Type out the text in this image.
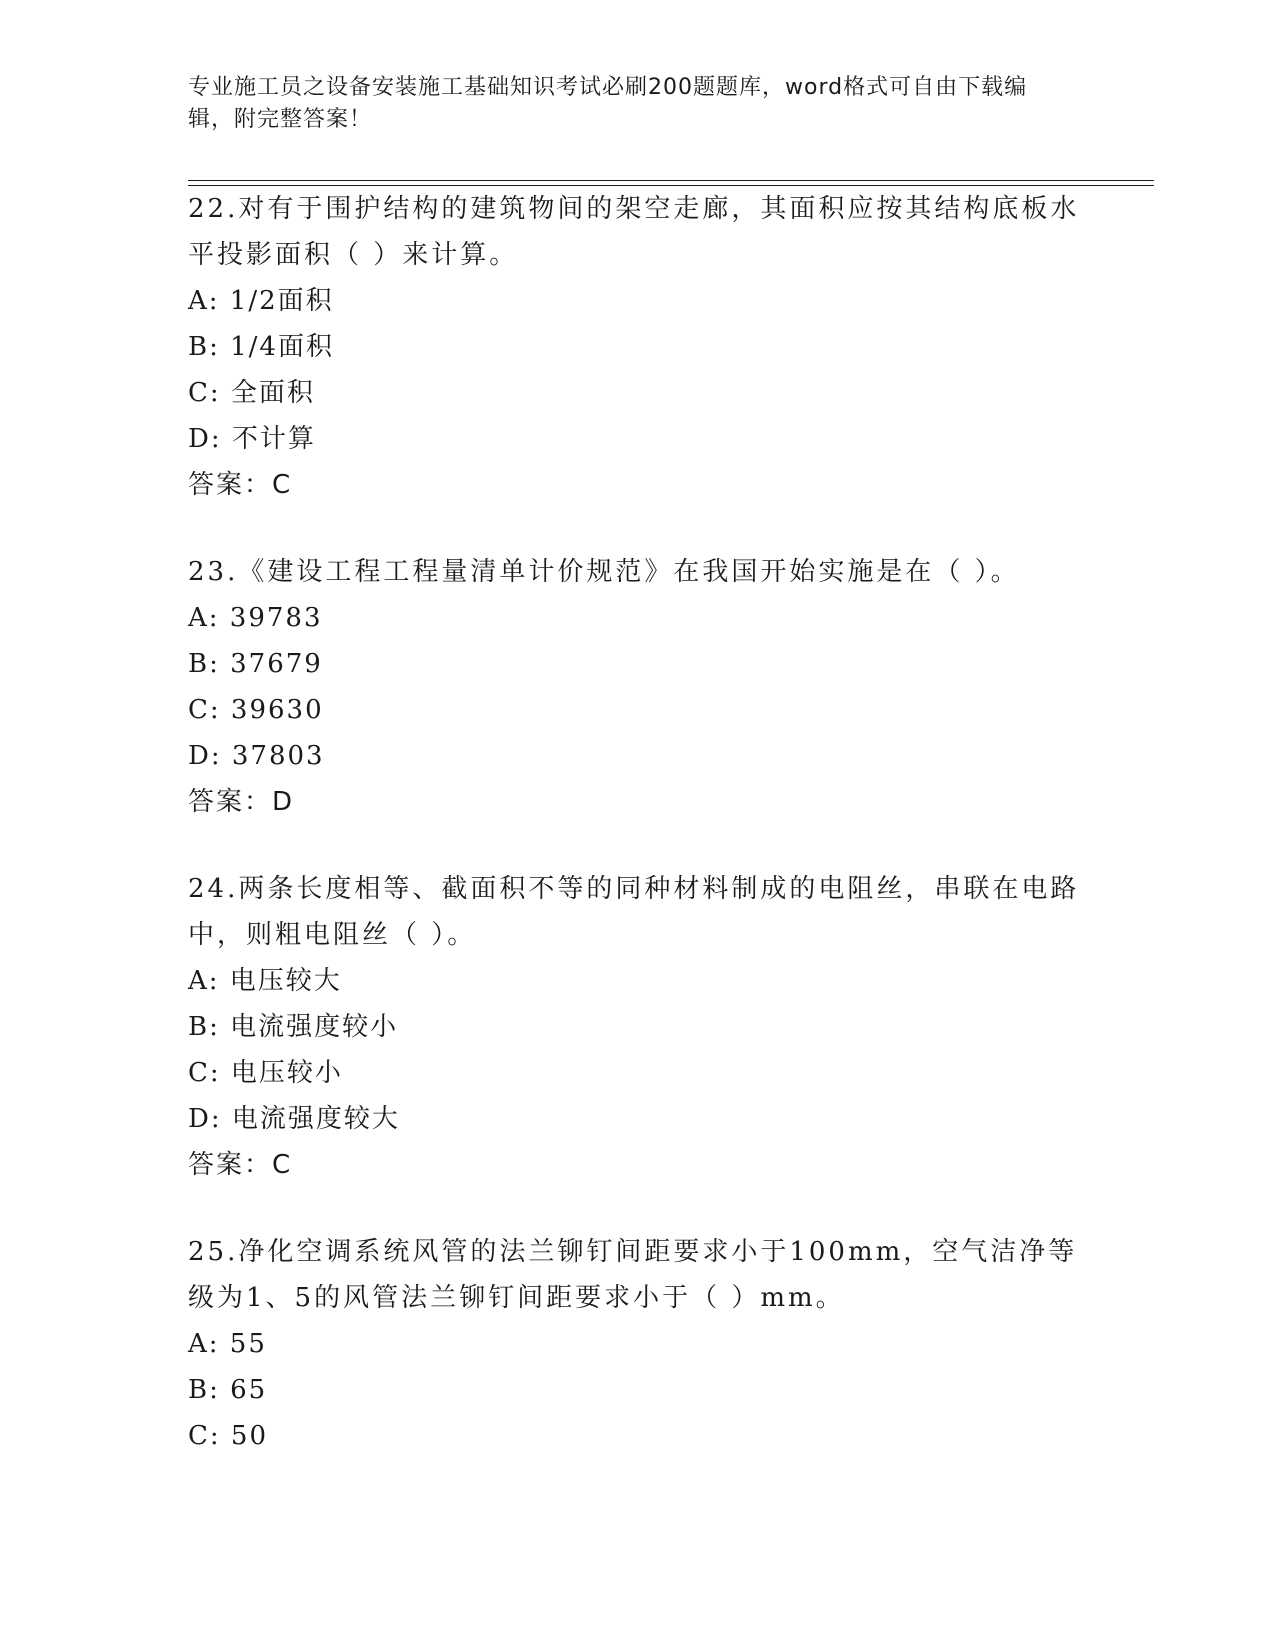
专业施工员之设备安装施工基础知识考试必刷200题题库，word格式可自由下载编辑，附完整答案！
22.对有于围护结构的建筑物间的架空走廊，其面积应按其结构底板水平投影面积（ ）来计算。
A: 1/2面积
B: 1/4面积
C: 全面积
D: 不计算
答案：C
23.《建设工程工程量清单计价规范》在我国开始实施是在（ ）。
A: 39783
B: 37679
C: 39630
D: 37803
答案：D
24.两条长度相等、截面积不等的同种材料制成的电阻丝，串联在电路中，则粗电阻丝（ ）。
A: 电压较大
B: 电流强度较小
C: 电压较小
D: 电流强度较大
答案：C
25.净化空调系统风管的法兰铆钉间距要求小于100mm，空气洁净等级为1、5的风管法兰铆钉间距要求小于（ ）mm。
A: 55
B: 65
C: 50
